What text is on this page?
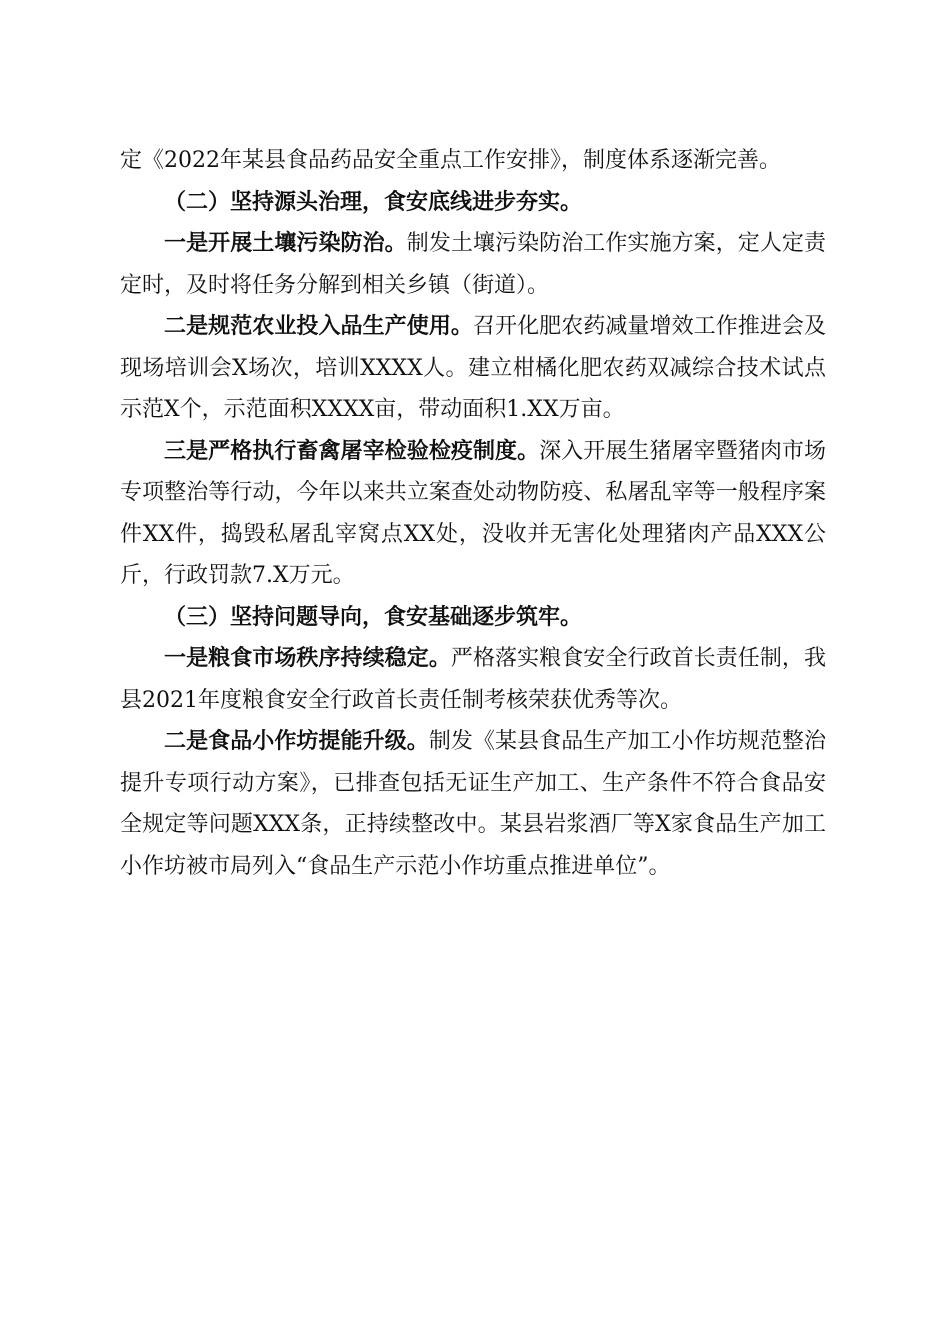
定《2022年某县食品药品安全重点工作安排》，制度体系逐渐完善。

（二）坚持源头治理，食安底线进步夯实。

一是开展土壤污染防治。制发土壤污染防治工作实施方案，定人定责定时，及时将任务分解到相关乡镇（街道）。

二是规范农业投入品生产使用。召开化肥农药减量增效工作推进会及现场培训会X场次，培训XXXX人。建立柑橘化肥农药双减综合技术试点示范X个，示范面积XXXX亩，带动面积1.XX万亩。

三是严格执行畜禽屠宰检验检疫制度。深入开展生猪屠宰暨猪肉市场专项整治等行动，今年以来共立案查处动物防疫、私屠乱宰等一般程序案件XX件，捣毁私屠乱宰窝点XX处，没收并无害化处理猪肉产品XXX公斤，行政罚款7.X万元。

（三）坚持问题导向，食安基础逐步筑牢。

一是粮食市场秩序持续稳定。严格落实粮食安全行政首长责任制，我县2021年度粮食安全行政首长责任制考核荣获优秀等次。

二是食品小作坊提能升级。制发《某县食品生产加工小作坊规范整治提升专项行动方案》，已排查包括无证生产加工、生产条件不符合食品安全规定等问题XXX条，正持续整改中。某县岩浆酒厂等X家食品生产加工小作坊被市局列入“食品生产示范小作坊重点推进单位”。
